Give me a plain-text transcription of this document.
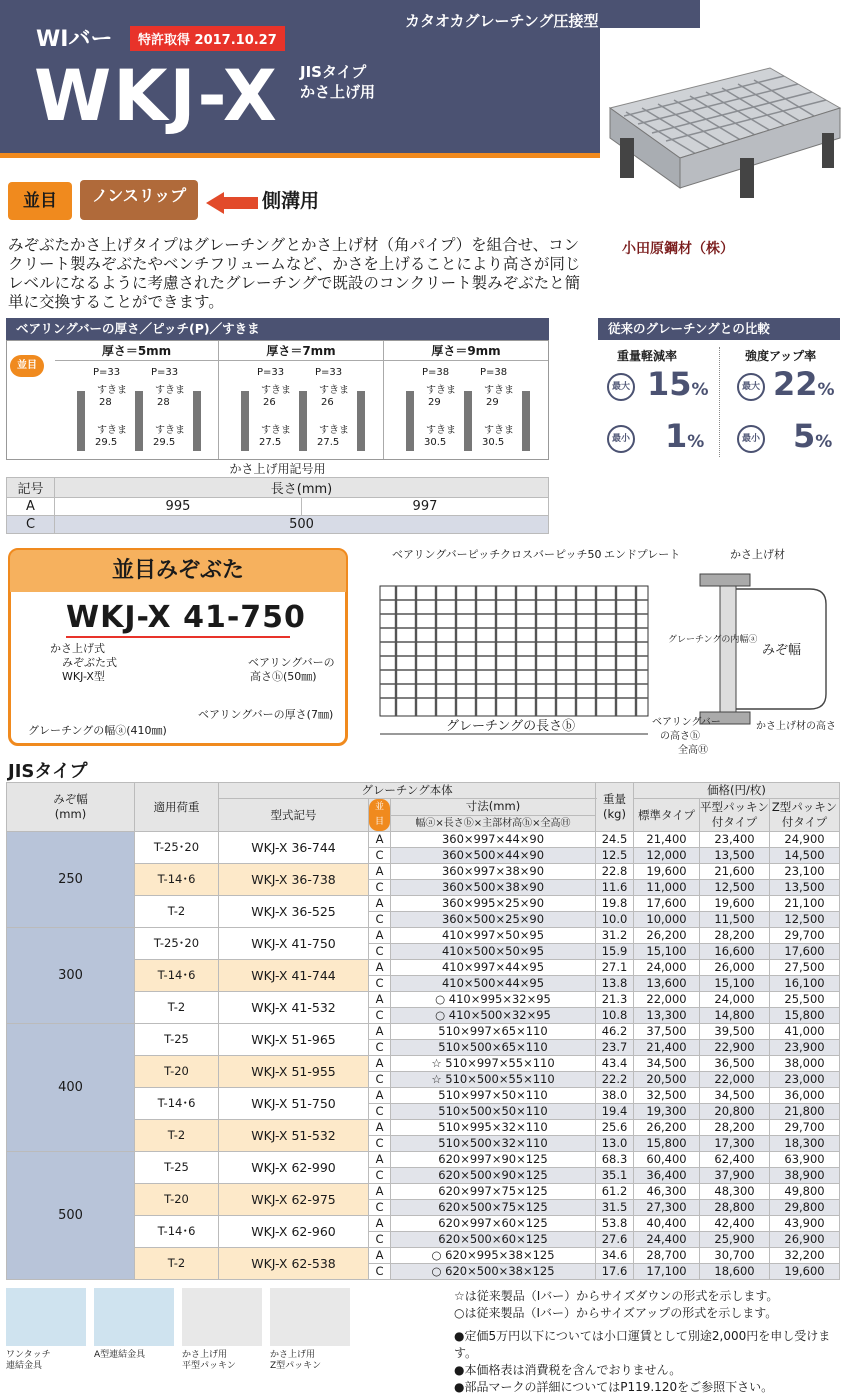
WIバー	特許取得 2017.10.27
WKJ-X JISタイプ
かさ上げ用
カタオカグレーチング圧接型
小田原鋼材（株）
並目	ノンスリップ	側溝用
みぞぶたかさ上げタイプはグレーチングとかさ上げ材（角パイプ）を組合せ、コンクリート製みぞぶたやベンチフリュームなど、かさを上げることにより高さが同じレベルになるように考慮されたグレーチングで既設のコンクリート製みぞぶたと簡単に交換することができます。
ベアリングバーの厚さ／ピッチ(P)／すきま
厚さ＝5mm
P=33	P=33
すきま
28
すきま
28
すきま
29.5
すきま
29.5
厚さ＝7mm
P=33	P=33
すきま
26
すきま
26
すきま
27.5
すきま
27.5
厚さ＝9mm
P=38	P=38
すきま
29
すきま
29
すきま
30.5
すきま
30.5
並目
かさ上げ用記号用		
記号	長さ(mm)	
A	995	997
C	500	
従来のグレーチングとの比較
重量軽減率	強度アップ率
最大 15%
最小 1%
最大 22%
最小 5%
並目みぞぶた
WKJ-X 41-750
かさ上げ式
みぞぶた式
WKJ-X型
ベアリングバーの
高さⓗ(50㎜)
ベアリングバーの厚さ(7㎜)
グレーチングの幅ⓐ(410㎜)
ベアリングバーピッチ クロスバーピッチ50 エンドプレート	かさ上げ材
グレーチングの内幅ⓐ
みぞ幅
グレーチングの長さⓑ	ベアリングバー
の高さⓗ
全高Ⓗ
かさ上げ材の高さ
JISタイプ
みぞ幅
(mm)	適用荷重	グレーチング本体			重量
(kg)	価格(円/枚)		
		型式記号	並目	寸法(mm)		標準タイプ	平型パッキン付タイプ	Z型パッキン付タイプ
				幅ⓐ×長さⓑ×主部材高ⓗ×全高Ⓗ				
250	T-25･20	WKJ-X 36-744	A	360×997×44×90	24.5	21,400	23,400	24,900
			C	360×500×44×90	12.5	12,000	13,500	14,500
	T-14･6	WKJ-X 36-738	A	360×997×38×90	22.8	19,600	21,600	23,100
			C	360×500×38×90	11.6	11,000	12,500	13,500
	T-2	WKJ-X 36-525	A	360×995×25×90	19.8	17,600	19,600	21,100
			C	360×500×25×90	10.0	10,000	11,500	12,500
300	T-25･20	WKJ-X 41-750	A	410×997×50×95	31.2	26,200	28,200	29,700
			C	410×500×50×95	15.9	15,100	16,600	17,600
	T-14･6	WKJ-X 41-744	A	410×997×44×95	27.1	24,000	26,000	27,500
			C	410×500×44×95	13.8	13,600	15,100	16,100
	T-2	WKJ-X 41-532	A	○ 410×995×32×95	21.3	22,000	24,000	25,500
			C	○ 410×500×32×95	10.8	13,300	14,800	15,800
400	T-25	WKJ-X 51-965	A	510×997×65×110	46.2	37,500	39,500	41,000
			C	510×500×65×110	23.7	21,400	22,900	23,900
	T-20	WKJ-X 51-955	A	☆ 510×997×55×110	43.4	34,500	36,500	38,000
			C	☆ 510×500×55×110	22.2	20,500	22,000	23,000
	T-14･6	WKJ-X 51-750	A	510×997×50×110	38.0	32,500	34,500	36,000
			C	510×500×50×110	19.4	19,300	20,800	21,800
	T-2	WKJ-X 51-532	A	510×995×32×110	25.6	26,200	28,200	29,700
			C	510×500×32×110	13.0	15,800	17,300	18,300
500	T-25	WKJ-X 62-990	A	620×997×90×125	68.3	60,400	62,400	63,900
			C	620×500×90×125	35.1	36,400	37,900	38,900
	T-20	WKJ-X 62-975	A	620×997×75×125	61.2	46,300	48,300	49,800
			C	620×500×75×125	31.5	27,300	28,800	29,800
	T-14･6	WKJ-X 62-960	A	620×997×60×125	53.8	40,400	42,400	43,900
			C	620×500×60×125	27.6	24,400	25,900	26,900
	T-2	WKJ-X 62-538	A	○ 620×995×38×125	34.6	28,700	30,700	32,200
			C	○ 620×500×38×125	17.6	17,100	18,600	19,600
ワンタッチ
連結金具
A型連結金具	かさ上げ用
平型パッキン
かさ上げ用
Z型パッキン
☆は従来製品（Iバー）からサイズダウンの形式を示します。
○は従来製品（Iバー）からサイズアップの形式を示します。
●定価5万円以下については小口運賃として別途2,000円を申し受けます。
●本価格表は消費税を含んでおりません。
●部品マークの詳細についてはP119.120をご参照下さい。
